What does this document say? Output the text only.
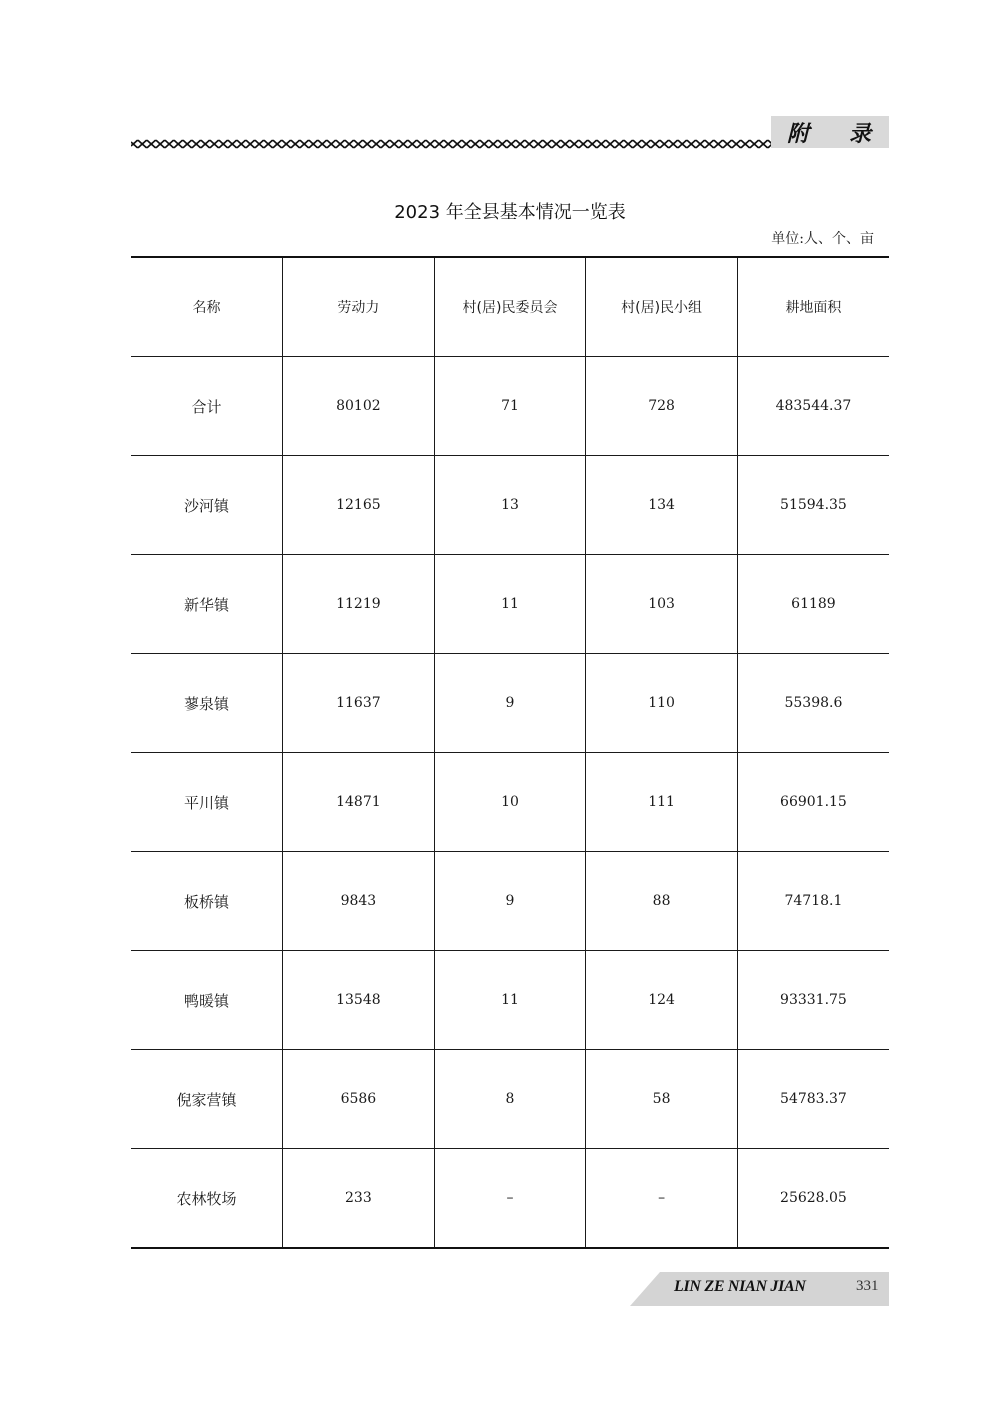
附 录
2023 年全县基本情况一览表
单位:人、个、亩
名称	劳动力	村(居)民委员会	村(居)民小组	耕地面积
合计	80102	71	728	483544.37
沙河镇	12165	13	134	51594.35
新华镇	11219	11	103	61189
蓼泉镇	11637	9	110	55398.6
平川镇	14871	10	111	66901.15
板桥镇	9843	9	88	74718.1
鸭暖镇	13548	11	124	93331.75
倪家营镇	6586	8	58	54783.37
农林牧场	233	–	–	25628.05
LIN ZE NIAN JIAN	331
